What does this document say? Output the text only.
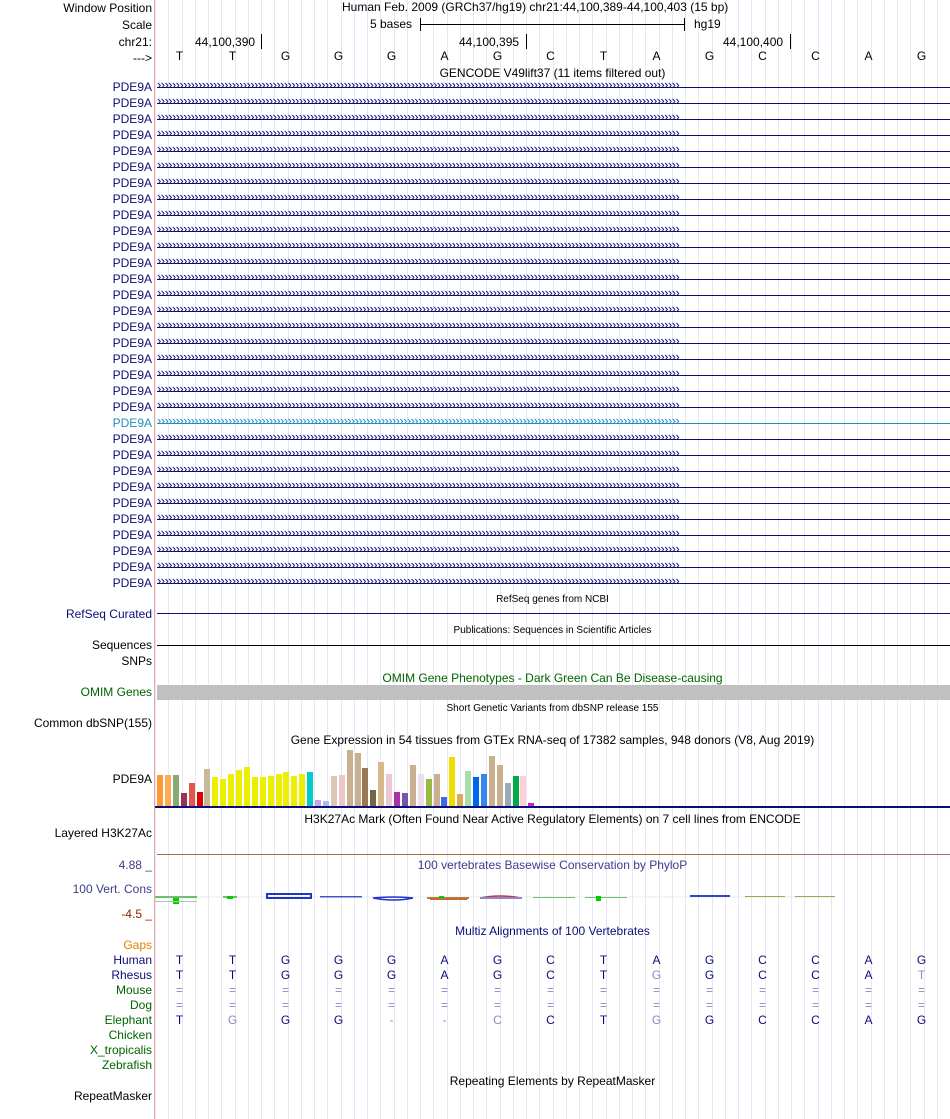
Window Position
Scale
chr21:
--->
Human Feb. 2009 (GRCh37/hg19) chr21:44,100,389-44,100,403 (15 bp)
5 bases	hg19
44,100,390	44,100,395	44,100,400
T	T	G	G	G	A	G	C	T	A	G	C	C	A	G
GENCODE V49lift37 (11 items filtered out)
PDE9A ››››››››››››››››››››››››››››››››››››››››››››››››››››››››››››››››››››››››››››››››››››››››››››››››››››››››››››››››››››››››››››››››››››››››››››
PDE9A ››››››››››››››››››››››››››››››››››››››››››››››››››››››››››››››››››››››››››››››››››››››››››››››››››››››››››››››››››››››››››››››››››››››››››››
PDE9A ››››››››››››››››››››››››››››››››››››››››››››››››››››››››››››››››››››››››››››››››››››››››››››››››››››››››››››››››››››››››››››››››››››››››››››
PDE9A ››››››››››››››››››››››››››››››››››››››››››››››››››››››››››››››››››››››››››››››››››››››››››››››››››››››››››››››››››››››››››››››››››››››››››››
PDE9A ››››››››››››››››››››››››››››››››››››››››››››››››››››››››››››››››››››››››››››››››››››››››››››››››››››››››››››››››››››››››››››››››››››››››››››
PDE9A ››››››››››››››››››››››››››››››››››››››››››››››››››››››››››››››››››››››››››››››››››››››››››››››››››››››››››››››››››››››››››››››››››››››››››››
PDE9A ››››››››››››››››››››››››››››››››››››››››››››››››››››››››››››››››››››››››››››››››››››››››››››››››››››››››››››››››››››››››››››››››››››››››››››
PDE9A ››››››››››››››››››››››››››››››››››››››››››››››››››››››››››››››››››››››››››››››››››››››››››››››››››››››››››››››››››››››››››››››››››››››››››››
PDE9A ››››››››››››››››››››››››››››››››››››››››››››››››››››››››››››››››››››››››››››››››››››››››››››››››››››››››››››››››››››››››››››››››››››››››››››
PDE9A ››››››››››››››››››››››››››››››››››››››››››››››››››››››››››››››››››››››››››››››››››››››››››››››››››››››››››››››››››››››››››››››››››››››››››››
PDE9A ››››››››››››››››››››››››››››››››››››››››››››››››››››››››››››››››››››››››››››››››››››››››››››››››››››››››››››››››››››››››››››››››››››››››››››
PDE9A ››››››››››››››››››››››››››››››››››››››››››››››››››››››››››››››››››››››››››››››››››››››››››››››››››››››››››››››››››››››››››››››››››››››››››››
PDE9A ››››››››››››››››››››››››››››››››››››››››››››››››››››››››››››››››››››››››››››››››››››››››››››››››››››››››››››››››››››››››››››››››››››››››››››
PDE9A ››››››››››››››››››››››››››››››››››››››››››››››››››››››››››››››››››››››››››››››››››››››››››››››››››››››››››››››››››››››››››››››››››››››››››››
PDE9A ››››››››››››››››››››››››››››››››››››››››››››››››››››››››››››››››››››››››››››››››››››››››››››››››››››››››››››››››››››››››››››››››››››››››››››
PDE9A ››››››››››››››››››››››››››››››››››››››››››››››››››››››››››››››››››››››››››››››››››››››››››››››››››››››››››››››››››››››››››››››››››››››››››››
PDE9A ››››››››››››››››››››››››››››››››››››››››››››››››››››››››››››››››››››››››››››››››››››››››››››››››››››››››››››››››››››››››››››››››››››››››››››
PDE9A ››››››››››››››››››››››››››››››››››››››››››››››››››››››››››››››››››››››››››››››››››››››››››››››››››››››››››››››››››››››››››››››››››››››››››››
PDE9A ››››››››››››››››››››››››››››››››››››››››››››››››››››››››››››››››››››››››››››››››››››››››››››››››››››››››››››››››››››››››››››››››››››››››››››
PDE9A ››››››››››››››››››››››››››››››››››››››››››››››››››››››››››››››››››››››››››››››››››››››››››››››››››››››››››››››››››››››››››››››››››››››››››››
PDE9A ››››››››››››››››››››››››››››››››››››››››››››››››››››››››››››››››››››››››››››››››››››››››››››››››››››››››››››››››››››››››››››››››››››››››››››
PDE9A ››››››››››››››››››››››››››››››››››››››››››››››››››››››››››››››››››››››››››››››››››››››››››››››››››››››››››››››››››››››››››››››››››››››››››››
PDE9A ››››››››››››››››››››››››››››››››››››››››››››››››››››››››››››››››››››››››››››››››››››››››››››››››››››››››››››››››››››››››››››››››››››››››››››
PDE9A ››››››››››››››››››››››››››››››››››››››››››››››››››››››››››››››››››››››››››››››››››››››››››››››››››››››››››››››››››››››››››››››››››››››››››››
PDE9A ››››››››››››››››››››››››››››››››››››››››››››››››››››››››››››››››››››››››››››››››››››››››››››››››››››››››››››››››››››››››››››››››››››››››››››
PDE9A ››››››››››››››››››››››››››››››››››››››››››››››››››››››››››››››››››››››››››››››››››››››››››››››››››››››››››››››››››››››››››››››››››››››››››››
PDE9A ››››››››››››››››››››››››››››››››››››››››››››››››››››››››››››››››››››››››››››››››››››››››››››››››››››››››››››››››››››››››››››››››››››››››››››
PDE9A ››››››››››››››››››››››››››››››››››››››››››››››››››››››››››››››››››››››››››››››››››››››››››››››››››››››››››››››››››››››››››››››››››››››››››››
PDE9A ››››››››››››››››››››››››››››››››››››››››››››››››››››››››››››››››››››››››››››››››››››››››››››››››››››››››››››››››››››››››››››››››››››››››››››
PDE9A ››››››››››››››››››››››››››››››››››››››››››››››››››››››››››››››››››››››››››››››››››››››››››››››››››››››››››››››››››››››››››››››››››››››››››››
PDE9A ››››››››››››››››››››››››››››››››››››››››››››››››››››››››››››››››››››››››››››››››››››››››››››››››››››››››››››››››››››››››››››››››››››››››››››
PDE9A ››››››››››››››››››››››››››››››››››››››››››››››››››››››››››››››››››››››››››››››››››››››››››››››››››››››››››››››››››››››››››››››››››››››››››››
RefSeq genes from NCBI
RefSeq Curated
Publications: Sequences in Scientific Articles
Sequences
SNPs
OMIM Gene Phenotypes - Dark Green Can Be Disease-causing
OMIM Genes
Short Genetic Variants from dbSNP release 155
Common dbSNP(155)
Gene Expression in 54 tissues from GTEx RNA-seq of 17382 samples, 948 donors (V8, Aug 2019)
PDE9A
H3K27Ac Mark (Often Found Near Active Regulatory Elements) on 7 cell lines from ENCODE
Layered H3K27Ac
100 vertebrates Basewise Conservation by PhyloP
4.88 _
100 Vert. Cons
-4.5 _
Multiz Alignments of 100 Vertebrates
Gaps
Human	T	T	G	G	G	A	G	C	T	A	G	C	C	A	G
Rhesus	T	T	G	G	G	A	G	C	T	G	G	C	C	A	T
Mouse	=	=	=	=	=	=	=	=	=	=	=	=	=	=	=
Dog	=	=	=	=	=	=	=	=	=	=	=	=	=	=	=
Elephant	T	G	G	G	-	-	C	C	T	G	G	C	C	A	G
Chicken
X_tropicalis
Zebrafish
Repeating Elements by RepeatMasker
RepeatMasker
